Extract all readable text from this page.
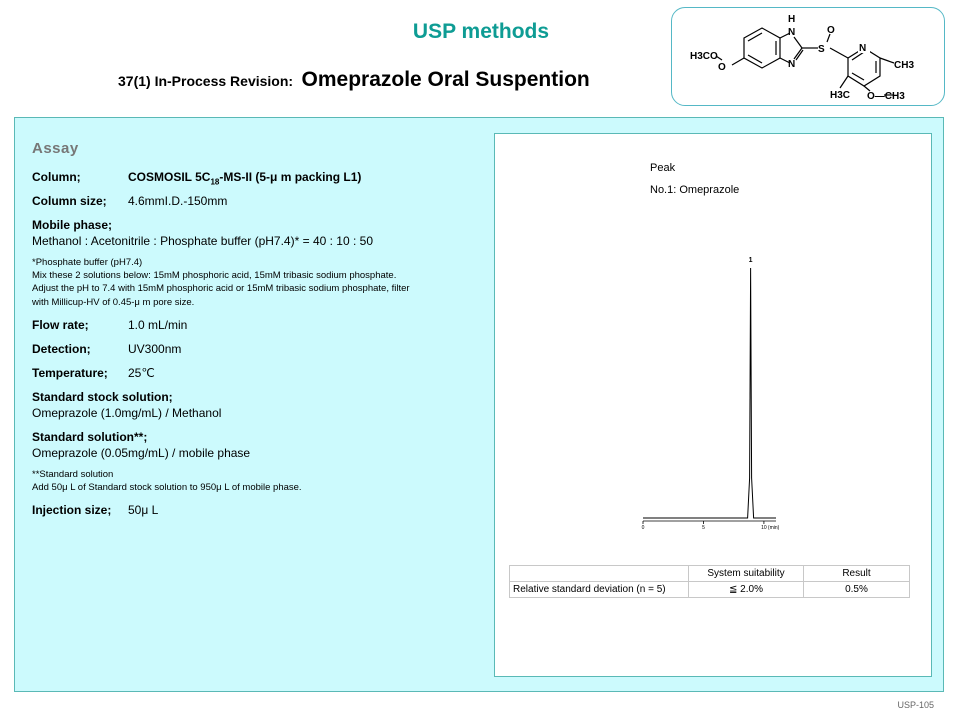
USP methods
37(1) In-Process Revision: Omeprazole Oral Suspention
H3CO
O
H
N
N
S
O
N
CH3
H3C O—CH3
Assay
Column;	COSMOSIL $5C_{18}-MS-II$ (5-μ m packing L1)
Column size; 4.6mmI.D.-150mm
Mobile phase;
Methanol : Acetonitrile : Phosphate buffer (pH7.4)* = 40 : 10 : 50
*Phosphate buffer (pH7.4)
Mix these 2 solutions below: 15mM phosphoric acid, 15mM tribasic sodium phosphate.
Adjust the pH to 7.4 with 15mM phosphoric acid or 15mM tribasic sodium phosphate, filter
with Millicup-HV of 0.45-μ m pore size.
Flow rate;	1.0 mL/min
Detection;	UV300nm
Temperature; 25℃
Standard stock solution;
Omeprazole (1.0mg/mL) / Methanol
Standard solution**;
Omeprazole (0.05mg/mL) / mobile phase
**Standard solution
Add 50μ L of Standard stock solution to 950μ L of mobile phase.
Injection size; 50μ L
Peak
No.1: Omeprazole
0	5	10
1
(min)
	System suitability	Result
Relative standard deviation (n = 5)	≦ 2.0%	0.5%
USP-105
